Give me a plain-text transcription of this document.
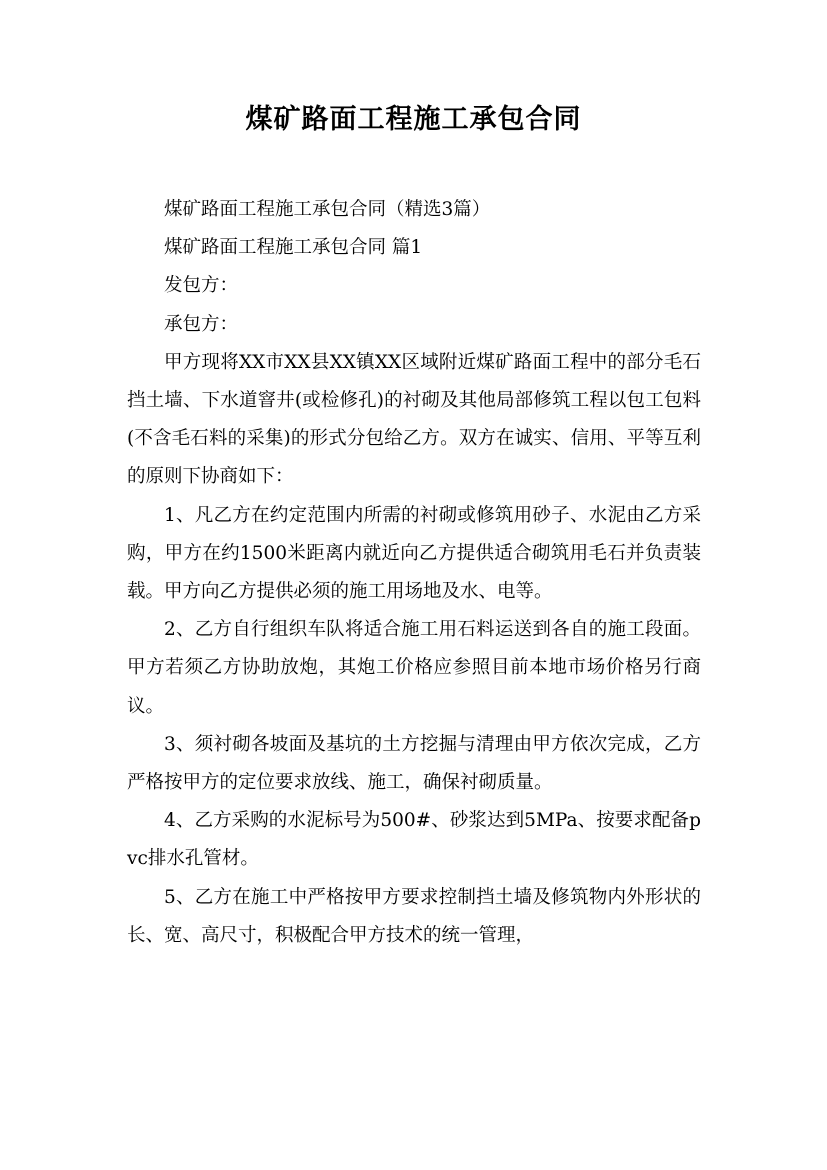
煤矿路面工程施工承包合同

煤矿路面工程施工承包合同（精选3篇）

煤矿路面工程施工承包合同 篇1

发包方：

承包方：

甲方现将XX市XX县XX镇XX区域附近煤矿路面工程中的部分毛石挡土墙、下水道窨井(或检修孔)的衬砌及其他局部修筑工程以包工包料(不含毛石料的采集)的形式分包给乙方。双方在诚实、信用、平等互利的原则下协商如下：

1、凡乙方在约定范围内所需的衬砌或修筑用砂子、水泥由乙方采购，甲方在约1500米距离内就近向乙方提供适合砌筑用毛石并负责装载。甲方向乙方提供必须的施工用场地及水、电等。

2、乙方自行组织车队将适合施工用石料运送到各自的施工段面。甲方若须乙方协助放炮，其炮工价格应参照目前本地市场价格另行商议。

3、须衬砌各坡面及基坑的土方挖掘与清理由甲方依次完成，乙方严格按甲方的定位要求放线、施工，确保衬砌质量。

4、乙方采购的水泥标号为500#、砂浆达到5MPa、按要求配备pvc排水孔管材。

5、乙方在施工中严格按甲方要求控制挡土墙及修筑物内外形状的长、宽、高尺寸，积极配合甲方技术的统一管理，
